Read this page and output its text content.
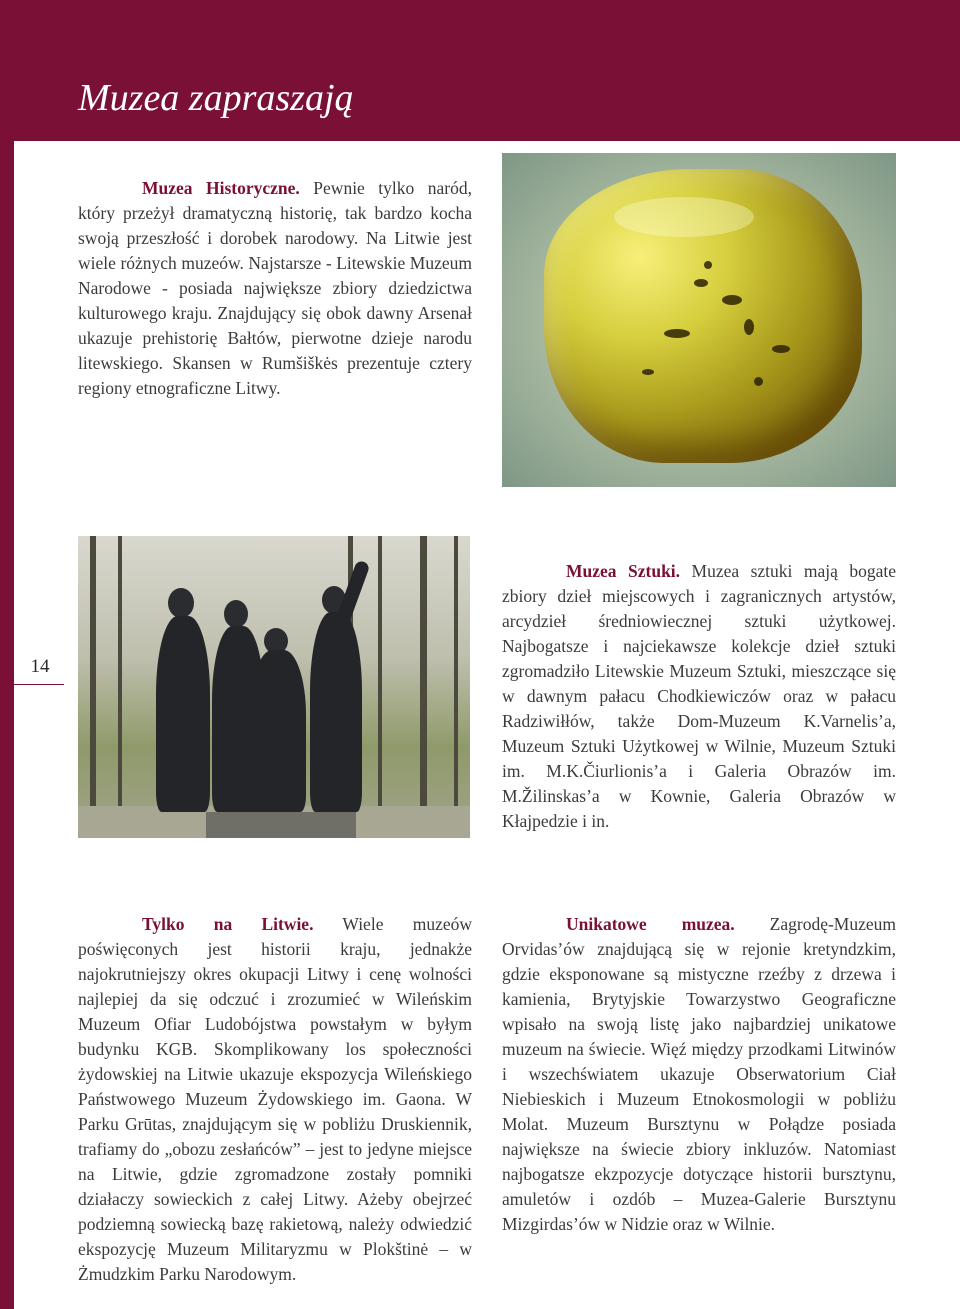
Muzea zapraszają
14
Muzea Historyczne. Pewnie tylko naród, który przeżył dramatyczną historię, tak bardzo kocha swoją przeszłość i dorobek narodowy. Na Litwie jest wiele różnych muzeów. Najstarsze - Litewskie Muzeum Narodowe - posiada największe zbiory dziedzictwa kulturowego kraju. Znajdujący się obok dawny Arsenał ukazuje prehistorię Bałtów, pierwotne dzieje narodu litewskiego. Skansen w Rumšiškės prezentuje cztery regiony etnograficzne Litwy.
Muzea Sztuki. Muzea sztuki mają bogate zbiory dzieł miejscowych i zagranicznych artystów, arcydzieł średniowiecznej sztuki użytkowej. Najbogatsze i najciekawsze kolekcje dzieł sztuki zgromadziło Litewskie Muzeum Sztuki, mieszczące się w dawnym pałacu Chodkiewiczów oraz w pałacu Radziwiłłów, także Dom-Muzeum K.Varnelis’a, Muzeum Sztuki Użytkowej w Wilnie, Muzeum Sztuki im. M.K.Čiurlionis’a i Galeria Obrazów im. M.Žilinskas’a w Kownie, Galeria Obrazów w Kłajpedzie i in.
Tylko na Litwie. Wiele muzeów poświęconych jest historii kraju, jednakże najokrutniejszy okres okupacji Litwy i cenę wolności najlepiej da się odczuć i zrozumieć w Wileńskim Muzeum Ofiar Ludobójstwa powstałym w byłym budynku KGB. Skomplikowany los społeczności żydowskiej na Litwie ukazuje ekspozycja Wileńskiego Państwowego Muzeum Żydowskiego im. Gaona. W Parku Grūtas, znajdującym się w pobliżu Druskiennik, trafiamy do „obozu zesłańców” – jest to jedyne miejsce na Litwie, gdzie zgromadzone zostały pomniki działaczy sowieckich z całej Litwy. Ażeby obejrzeć podziemną sowiecką bazę rakietową, należy odwiedzić ekspozycję Muzeum Militaryzmu w Plokštinė – w Żmudzkim Parku Narodowym.
Unikatowe muzea. Zagrodę-Muzeum Orvidas’ów znajdującą się w rejonie kretyndzkim, gdzie eksponowane są mistyczne rzeźby z drzewa i kamienia, Brytyjskie Towarzystwo Geograficzne wpisało na swoją listę jako najbardziej unikatowe muzeum na świecie. Więź między przodkami Litwinów i wszechświatem ukazuje Obserwatorium Ciał Niebieskich i Muzeum Etnokosmologii w pobliżu Molat. Muzeum Bursztynu w Połądze posiada największe na świecie zbiory inkluzów. Natomiast najbogatsze ekzpozycje dotyczące historii bursztynu, amuletów i ozdób – Muzea-Galerie Bursztynu Mizgirdas’ów w Nidzie oraz w Wilnie.
